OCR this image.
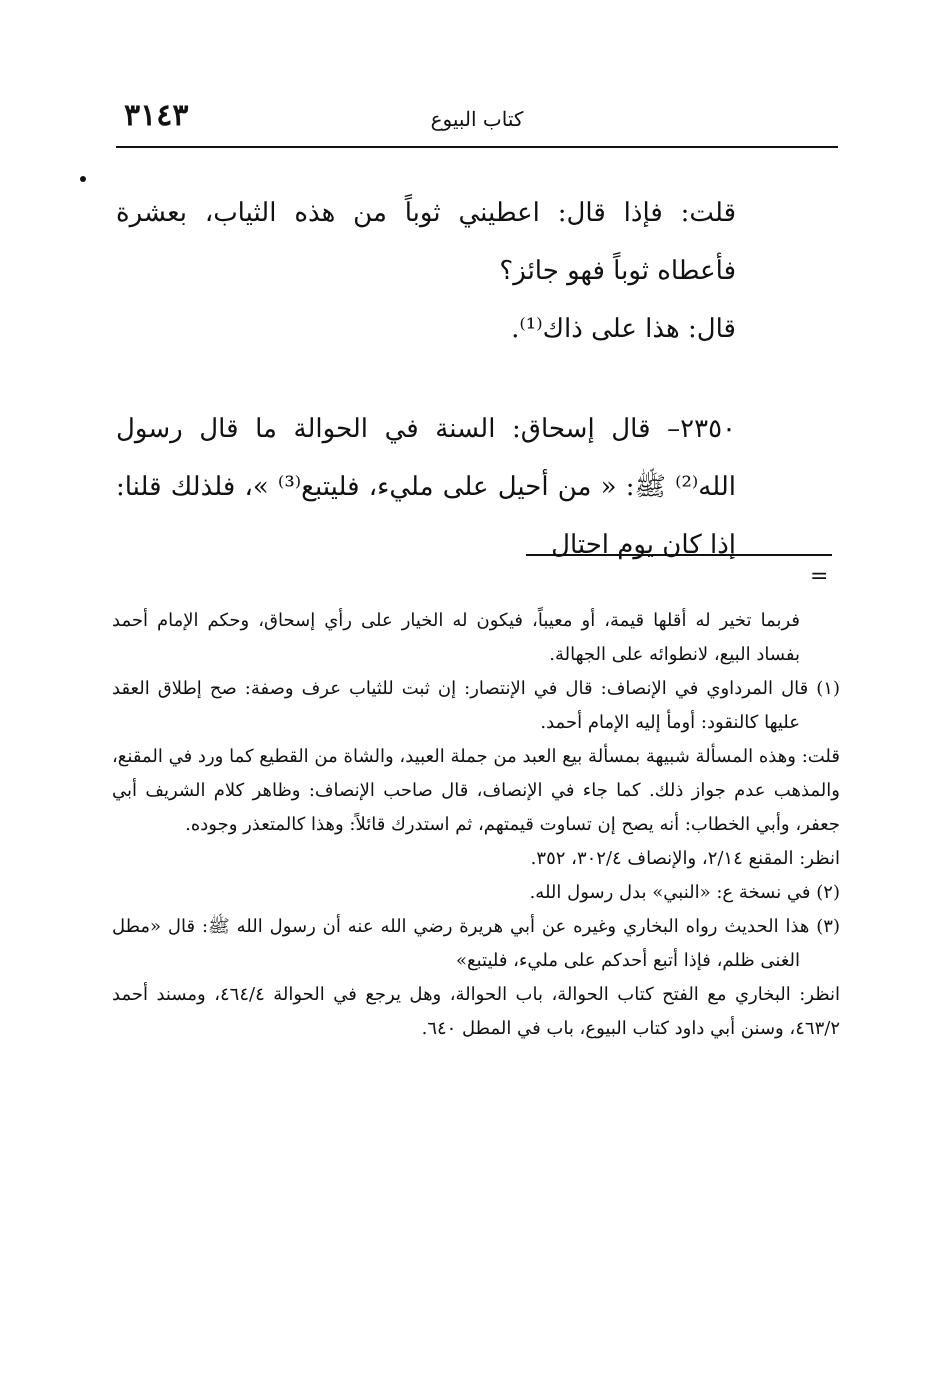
٣١٤٣	كتاب البيوع

قلت: فإذا قال: اعطيني ثوباً من هذه الثياب، بعشرة فأعطاه ثوباً فهو جائز؟

قال: هذا على ذاك⁽¹⁾.

٢٣٥٠– قال إسحاق: السنة في الحوالة ما قال رسول الله⁽²⁾ ﷺ: « من أحيل على مليء، فليتبع⁽³⁾ »، فلذلك قلنا: إذا كان يوم احتال

=

فربما تخير له أقلها قيمة، أو معيباً، فيكون له الخيار على رأي إسحاق، وحكم الإمام أحمد بفساد البيع، لانطوائه على الجهالة.

(١) قال المرداوي في الإنصاف: قال في الإنتصار: إن ثبت للثياب عرف وصفة: صح إطلاق العقد عليها كالنقود: أومأ إليه الإمام أحمد.

قلت: وهذه المسألة شبيهة بمسألة بيع العبد من جملة العبيد، والشاة من القطيع كما ورد في المقنع، والمذهب عدم جواز ذلك. كما جاء في الإنصاف، قال صاحب الإنصاف: وظاهر كلام الشريف أبي جعفر، وأبي الخطاب: أنه يصح إن تساوت قيمتهم، ثم استدرك قائلاً: وهذا كالمتعذر وجوده.

انظر: المقنع ٢/١٤، والإنصاف ٣٠٢/٤، ٣٥٢.

(٢) في نسخة ع: «النبي» بدل رسول الله.

(٣) هذا الحديث رواه البخاري وغيره عن أبي هريرة رضي الله عنه أن رسول الله ﷺ: قال «مطل الغنى ظلم، فإذا أتبع أحدكم على مليء، فليتبع»

انظر: البخاري مع الفتح كتاب الحوالة، باب الحوالة، وهل يرجع في الحوالة ٤٦٤/٤، ومسند أحمد ٤٦٣/٢، وسنن أبي داود كتاب البيوع، باب في المطل ٦٤٠.
